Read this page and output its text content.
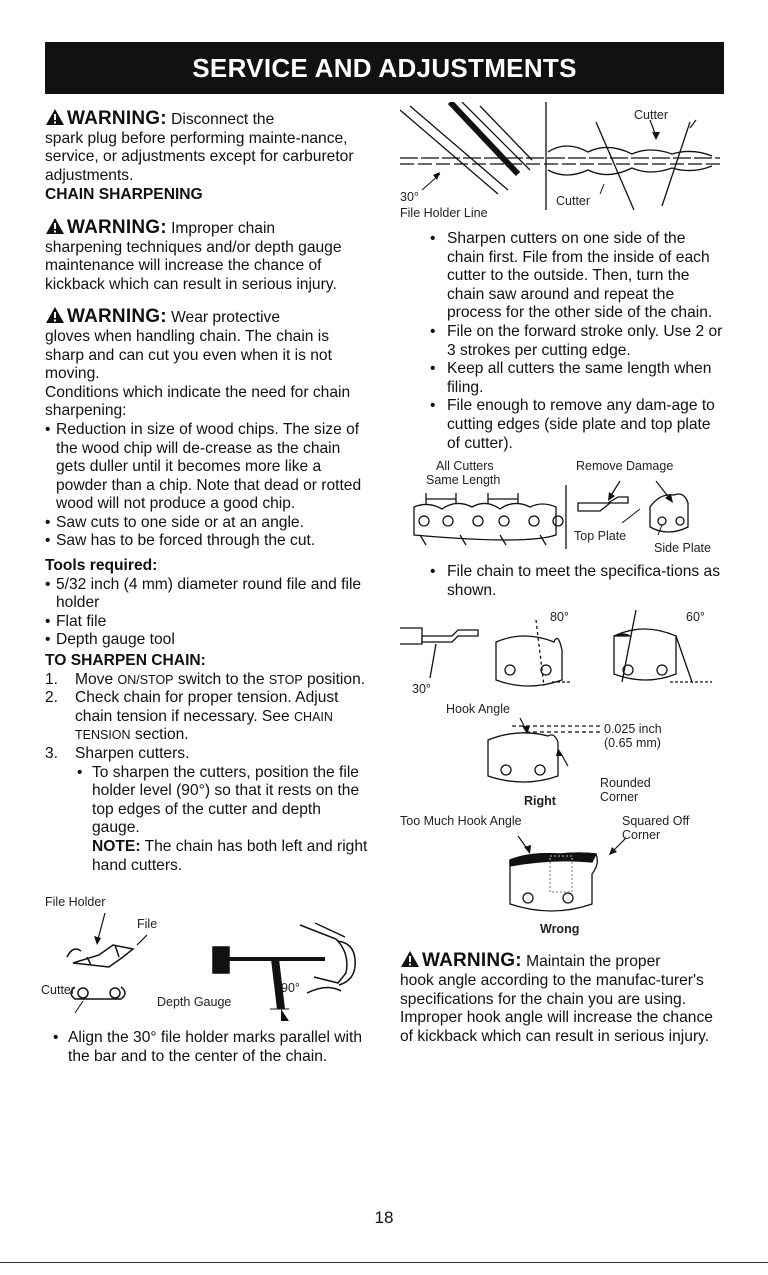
SERVICE AND ADJUSTMENTS

WARNING: Disconnect the
spark plug before performing mainte-nance, service, or adjustments except for carburetor adjustments.

CHAIN SHARPENING

WARNING: Improper chain
sharpening techniques and/or depth gauge maintenance will increase the chance of kickback which can result in serious injury.

WARNING: Wear protective
gloves when handling chain. The chain is sharp and can cut you even when it is not moving.

Conditions which indicate the need for chain sharpening:

• Reduction in size of wood chips. The size of the wood chip will de-crease as the chain gets duller until it becomes more like a powder than a chip. Note that dead or rotted wood will not produce a good chip.
• Saw cuts to one side or at an angle.
• Saw has to be forced through the cut.

Tools required:

• 5/32 inch (4 mm) diameter round file and file holder
• Flat file
• Depth gauge tool

TO SHARPEN CHAIN:

1. Move ON/STOP switch to the STOP position.
2. Check chain for proper tension. Adjust chain tension if necessary. See CHAIN TENSION section.
3. Sharpen cutters.
• To sharpen the cutters, position the file holder level (90°) so that it rests on the top edges of the cutter and depth gauge.
NOTE: The chain has both left and right hand cutters.
File Holder
File
Cutter
Depth Gauge
90°
• Align the 30° file holder marks parallel with the bar and to the center of the chain.
Cutter
30°	Cutter
File Holder Line
• Sharpen cutters on one side of the chain first. File from the inside of each cutter to the outside. Then, turn the chain saw around and repeat the process for the other side of the chain.
• File on the forward stroke only. Use 2 or 3 strokes per cutting edge.
• Keep all cutters the same length when filing.
• File enough to remove any dam-age to cutting edges (side plate and top plate of cutter).
All Cutters
Same Length
Remove Damage
Top Plate
Side Plate
• File chain to meet the specifica-tions as shown.
30°
80°	60°
Hook Angle
0.025 inch
(0.65 mm)
Rounded
Corner
Right
Too Much Hook Angle	Squared Off
Corner
Wrong

WARNING: Maintain the proper
hook angle according to the manufac-turer's specifications for the chain you are using. Improper hook angle will increase the chance of kickback which can result in serious injury.

18
